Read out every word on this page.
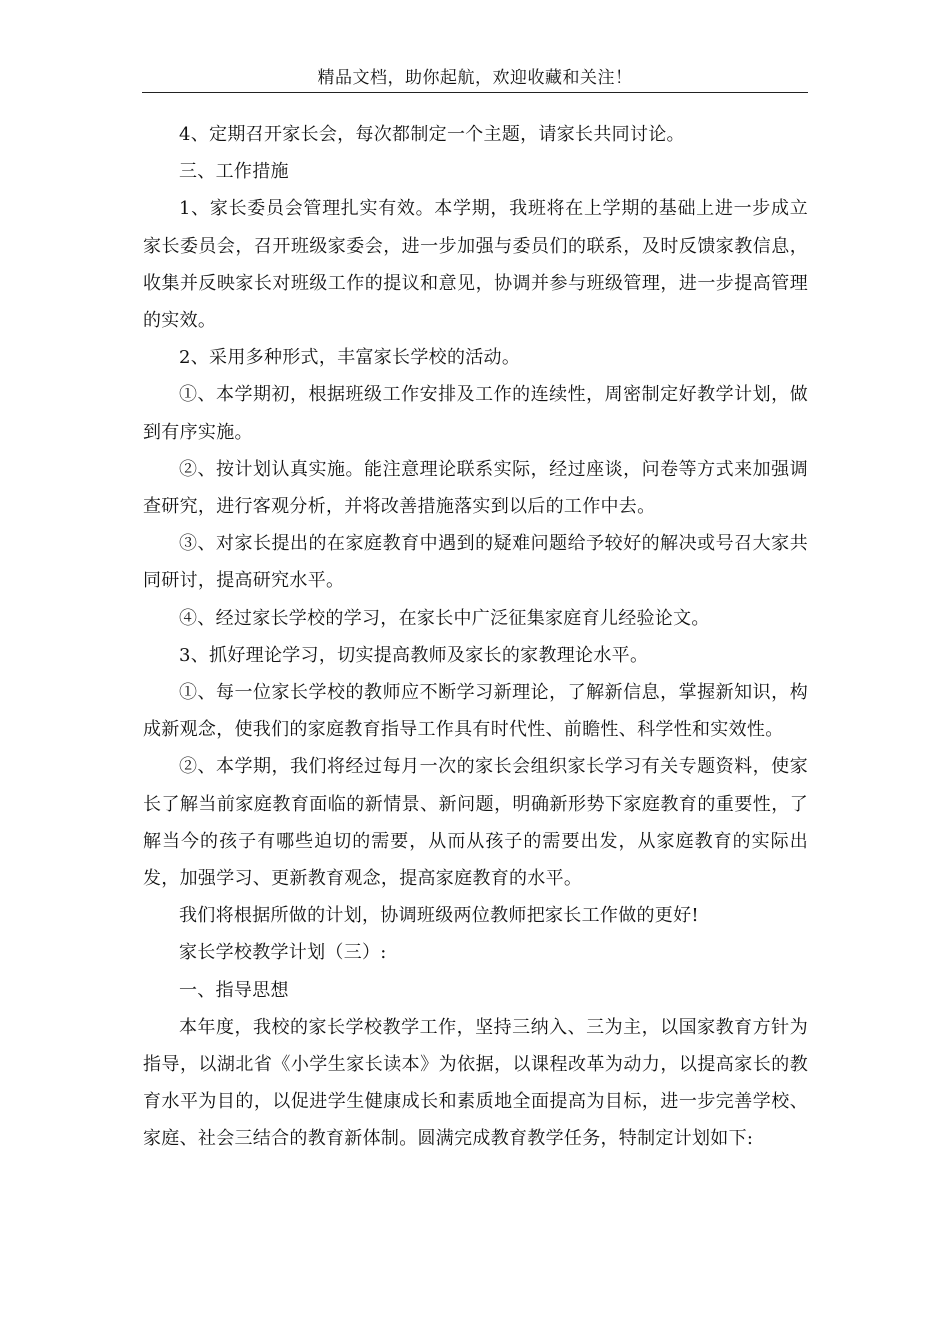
精品文档，助你起航，欢迎收藏和关注！

4、定期召开家长会，每次都制定一个主题，请家长共同讨论。

三、工作措施

1、家长委员会管理扎实有效。本学期，我班将在上学期的基础上进一步成立家长委员会，召开班级家委会，进一步加强与委员们的联系，及时反馈家教信息，收集并反映家长对班级工作的提议和意见，协调并参与班级管理，进一步提高管理的实效。

2、采用多种形式，丰富家长学校的活动。

①、本学期初，根据班级工作安排及工作的连续性，周密制定好教学计划，做到有序实施。

②、按计划认真实施。能注意理论联系实际，经过座谈，问卷等方式来加强调查研究，进行客观分析，并将改善措施落实到以后的工作中去。

③、对家长提出的在家庭教育中遇到的疑难问题给予较好的解决或号召大家共同研讨，提高研究水平。

④、经过家长学校的学习，在家长中广泛征集家庭育儿经验论文。

3、抓好理论学习，切实提高教师及家长的家教理论水平。

①、每一位家长学校的教师应不断学习新理论，了解新信息，掌握新知识，构成新观念，使我们的家庭教育指导工作具有时代性、前瞻性、科学性和实效性。

②、本学期，我们将经过每月一次的家长会组织家长学习有关专题资料，使家长了解当前家庭教育面临的新情景、新问题，明确新形势下家庭教育的重要性，了解当今的孩子有哪些迫切的需要，从而从孩子的需要出发，从家庭教育的实际出发，加强学习、更新教育观念，提高家庭教育的水平。

我们将根据所做的计划，协调班级两位教师把家长工作做的更好!

家长学校教学计划（三）:

一、指导思想

本年度，我校的家长学校教学工作，坚持三纳入、三为主，以国家教育方针为指导，以湖北省《小学生家长读本》为依据，以课程改革为动力，以提高家长的教育水平为目的，以促进学生健康成长和素质地全面提高为目标，进一步完善学校、家庭、社会三结合的教育新体制。圆满完成教育教学任务，特制定计划如下:
